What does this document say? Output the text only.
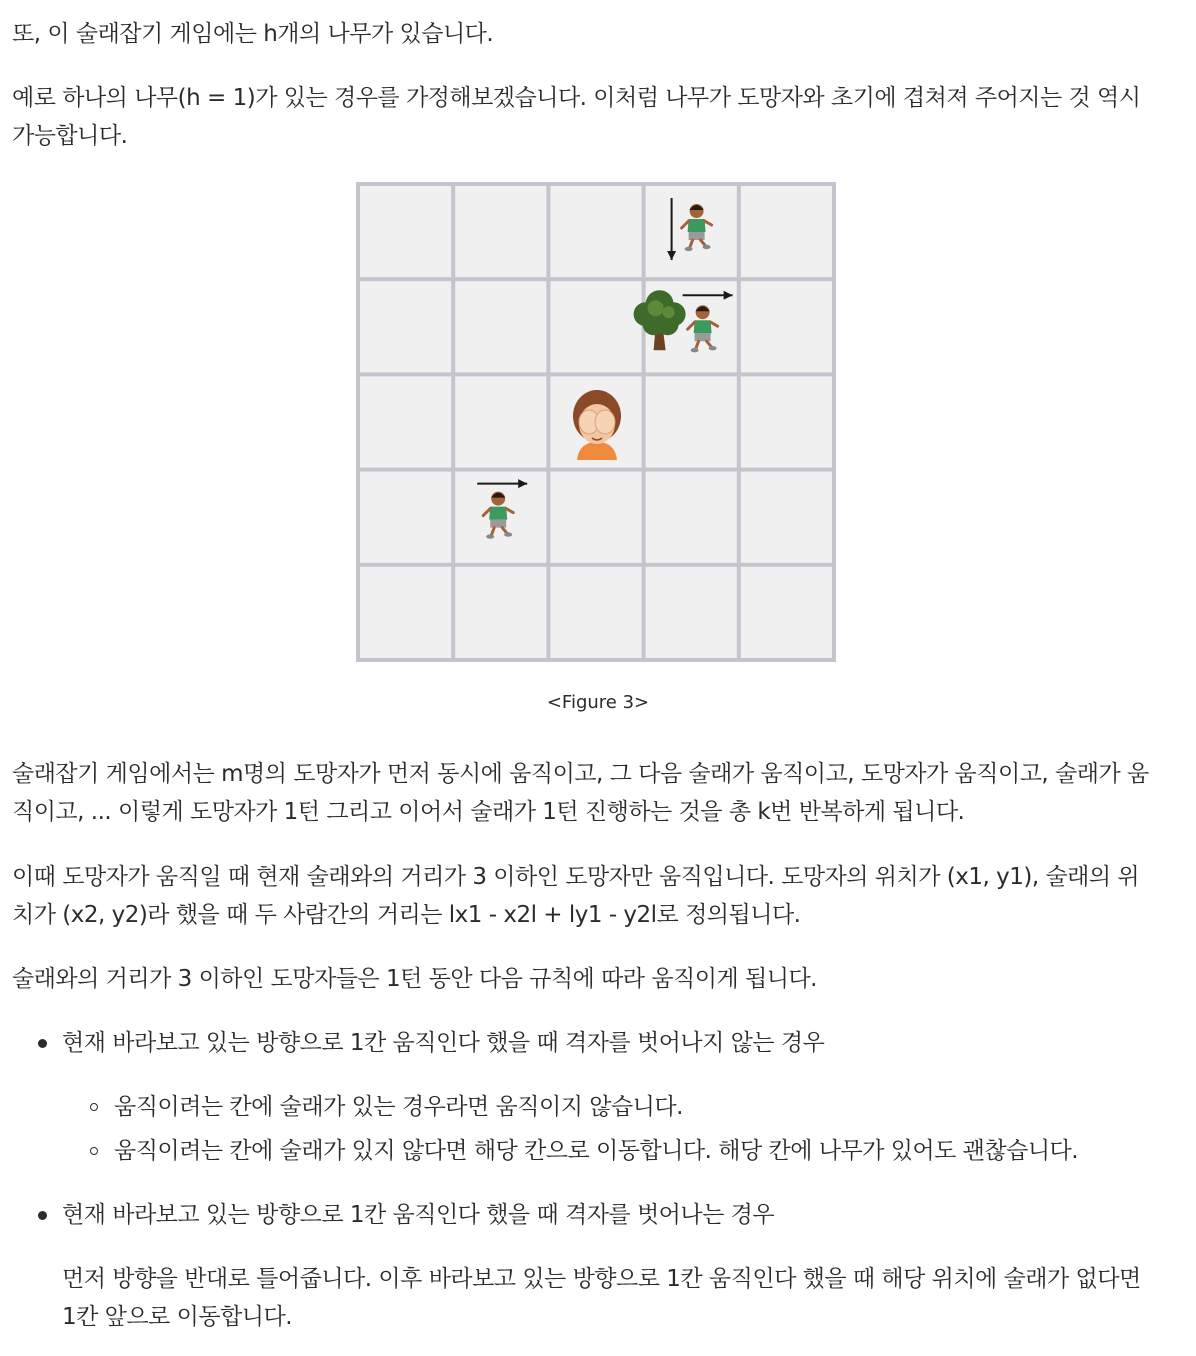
또, 이 술래잡기 게임에는 h개의 나무가 있습니다.
예로 하나의 나무(h = 1)가 있는 경우를 가정해보겠습니다. 이처럼 나무가 도망자와 초기에 겹쳐져 주어지는 것 역시
가능합니다.
<Figure 3>
술래잡기 게임에서는 m명의 도망자가 먼저 동시에 움직이고, 그 다음 술래가 움직이고, 도망자가 움직이고, 술래가 움
직이고, ... 이렇게 도망자가 1턴 그리고 이어서 술래가 1턴 진행하는 것을 총 k번 반복하게 됩니다.
이때 도망자가 움직일 때 현재 술래와의 거리가 3 이하인 도망자만 움직입니다. 도망자의 위치가 (x1, y1), 술래의 위
치가 (x2, y2)라 했을 때 두 사람간의 거리는 lx1 - x2l + ly1 - y2l로 정의됩니다.
술래와의 거리가 3 이하인 도망자들은 1턴 동안 다음 규칙에 따라 움직이게 됩니다.
현재 바라보고 있는 방향으로 1칸 움직인다 했을 때 격자를 벗어나지 않는 경우
움직이려는 칸에 술래가 있는 경우라면 움직이지 않습니다.
움직이려는 칸에 술래가 있지 않다면 해당 칸으로 이동합니다. 해당 칸에 나무가 있어도 괜찮습니다.
현재 바라보고 있는 방향으로 1칸 움직인다 했을 때 격자를 벗어나는 경우
먼저 방향을 반대로 틀어줍니다. 이후 바라보고 있는 방향으로 1칸 움직인다 했을 때 해당 위치에 술래가 없다면
1칸 앞으로 이동합니다.
